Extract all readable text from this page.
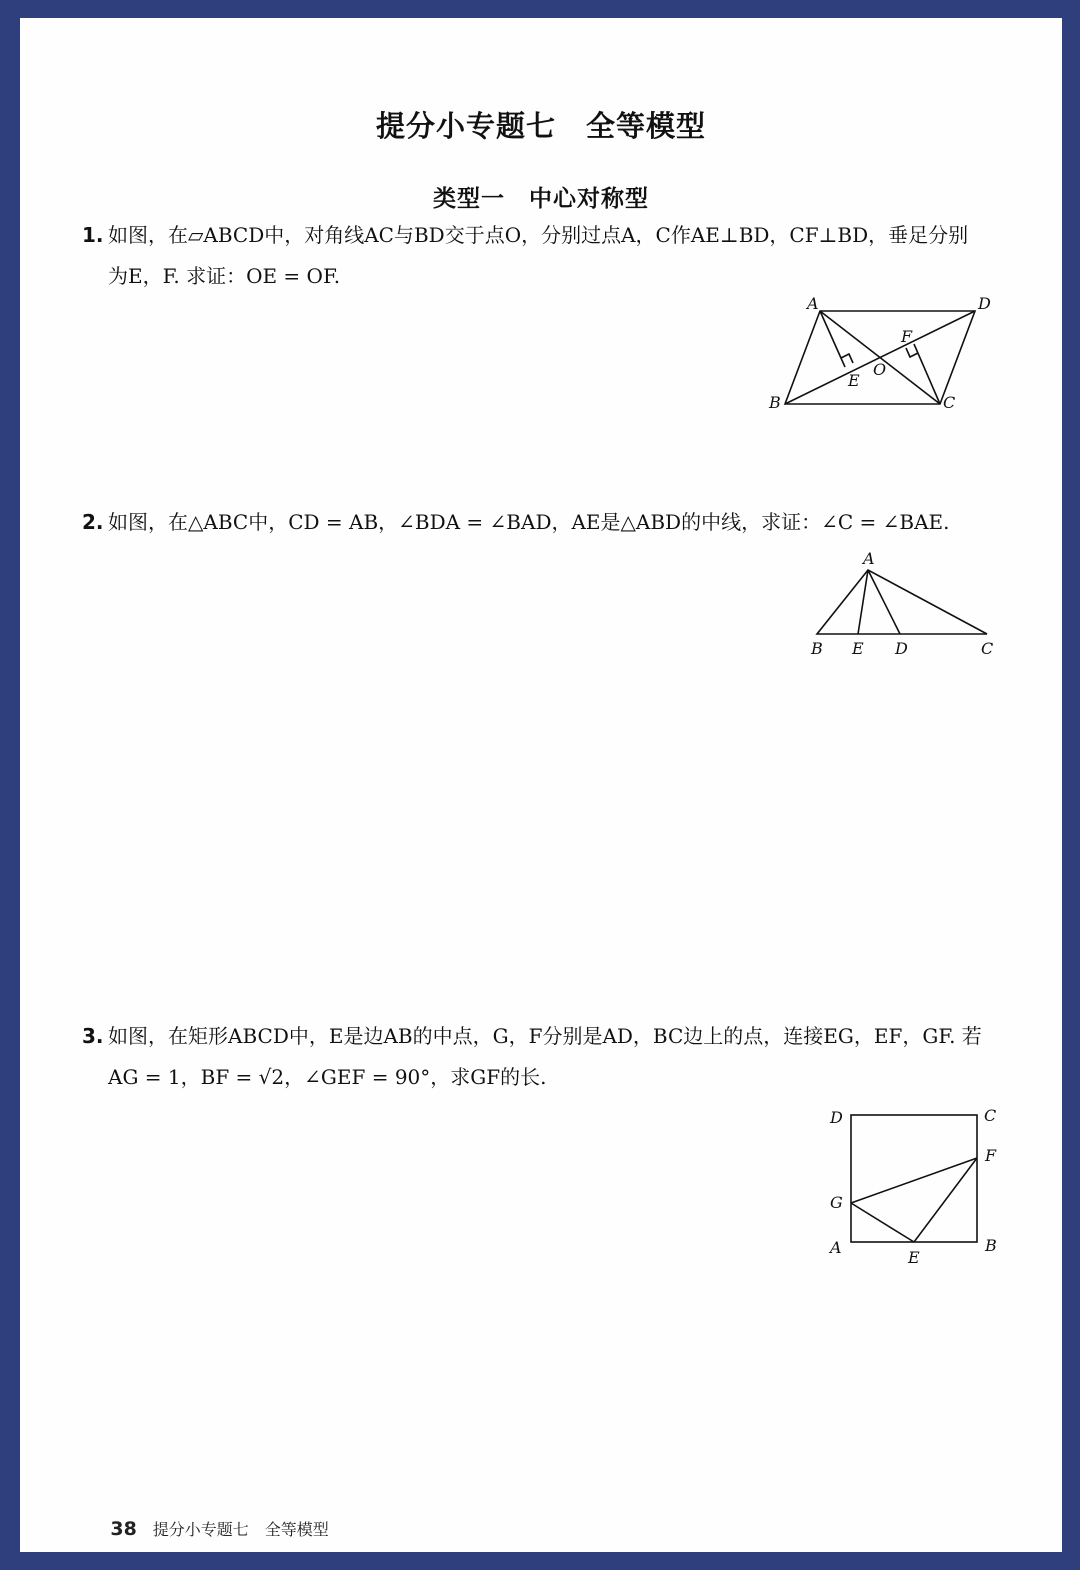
提分小专题七　全等模型
类型一　中心对称型
1. 如图，在▱ABCD中，对角线AC与BD交于点O，分别过点A，C作AE⊥BD，CF⊥BD，垂足分别
为E，F. 求证：OE = OF.
A	D
F
O
E
B	C
2. 如图，在△ABC中，CD = AB，∠BDA = ∠BAD，AE是△ABD的中线，求证：∠C = ∠BAE.
A
B E D	C
3. 如图，在矩形ABCD中，E是边AB的中点，G，F分别是AD，BC边上的点，连接EG，EF，GF. 若
AG = 1，BF = √2，∠GEF = 90°，求GF的长.
D	C
F
G
A	B
E

38 提分小专题七　全等模型
